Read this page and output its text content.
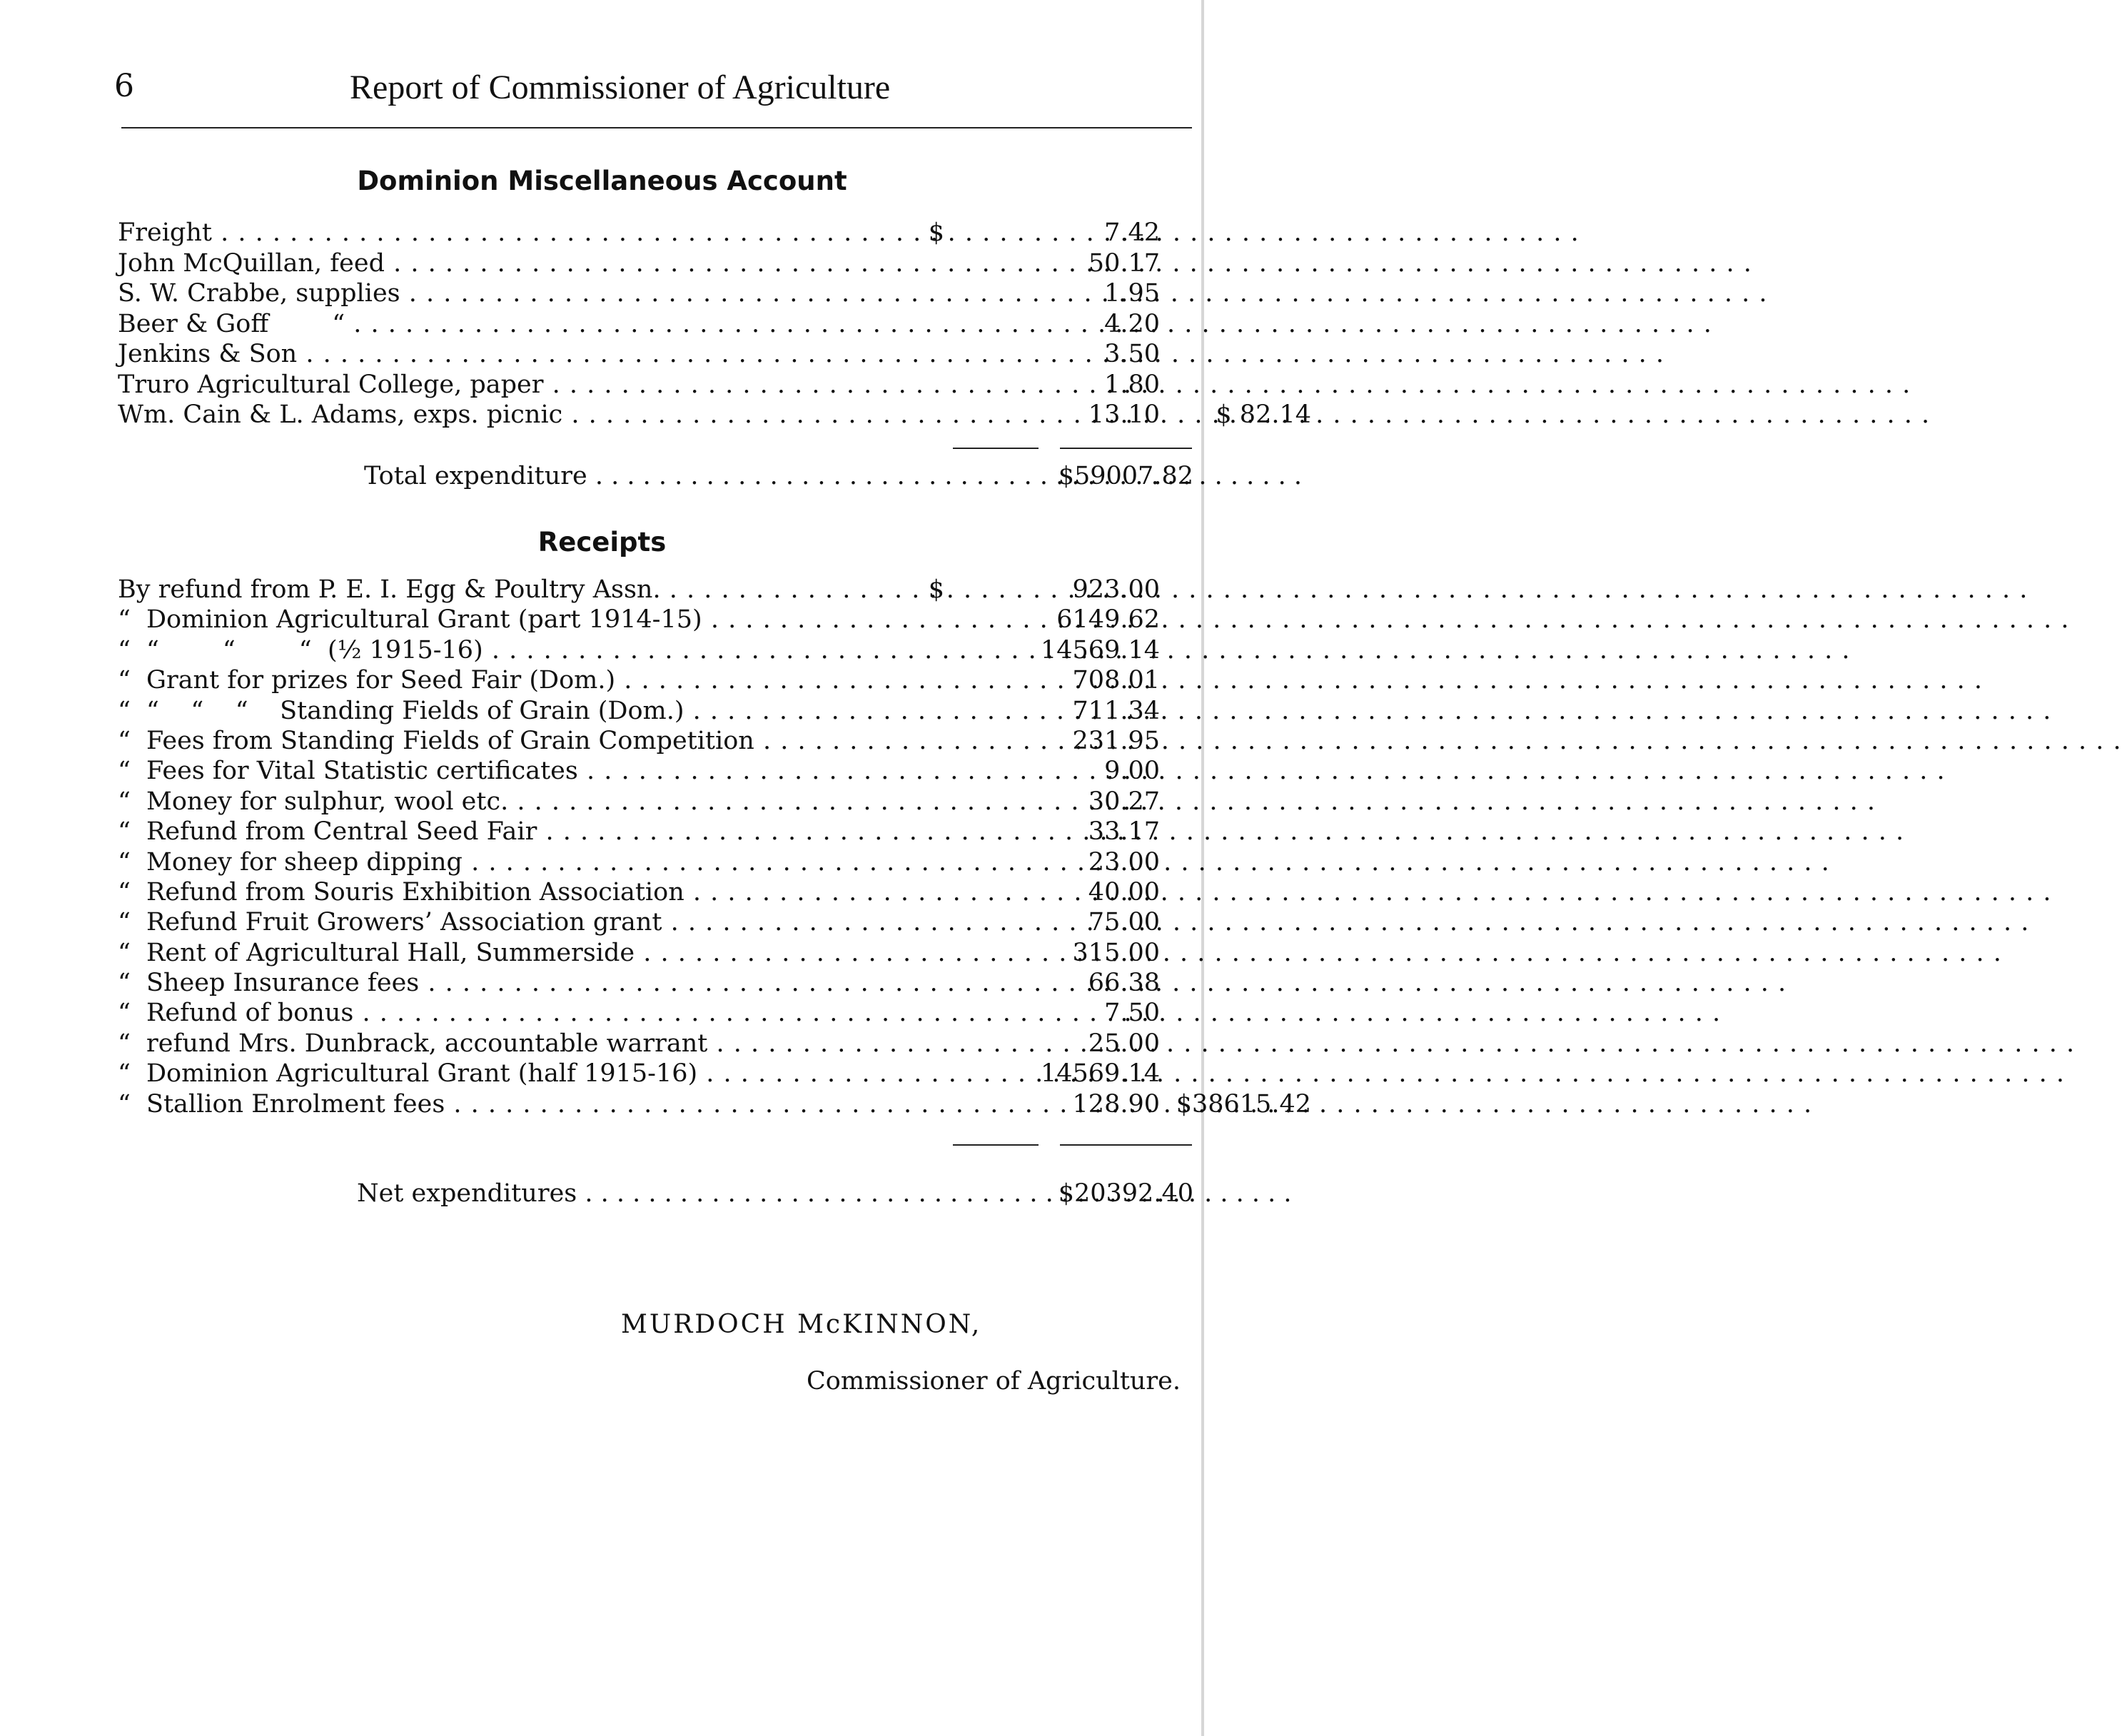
6	Report of Commissioner of Agriculture
Dominion Miscellaneous Account
Freight . . .	$	7.42
John McQuillan, feed . . .	50.17
S. W. Crabbe, supplies . . .	1.95
Beer & Goff	“ . . .	4.20
Jenkins & Son . . .	3.50
Truro Agricultural College, paper . . .	1.80
Wm. Cain & L. Adams, exps. picnic . . .	13.10	$ 82.14
Total expenditure . . .	$59007.82
Receipts
By refund from P. E. I. Egg & Poultry Assn. . . .	$	923.00
“ Dominion Agricultural Grant (part 1914-15) . . .	6149.62
“ “        “        “  (½ 1915-16) . . .	14569.14
“ Grant for prizes for Seed Fair (Dom.) . . .	708.01
“ “    “    “    Standing Fields of Grain (Dom.) . . .	711.34
“ Fees from Standing Fields of Grain Competition . . .	231.95
“ Fees for Vital Statistic certificates . . .	9.00
“ Money for sulphur, wool etc. . . .	30.27
“ Refund from Central Seed Fair . . .	33.17
“ Money for sheep dipping . . .	23.00
“ Refund from Souris Exhibition Association . . .	40.00
“ Refund Fruit Growers’ Association grant . . .	75.00
“ Rent of Agricultural Hall, Summerside . . .	315.00
“ Sheep Insurance fees . . .	66.38
“ Refund of bonus . . .	7.50
“ refund Mrs. Dunbrack, accountable warrant . . .	25.00
“ Dominion Agricultural Grant (half 1915-16) . . .	14569.14
“ Stallion Enrolment fees . . .	128.90 $38615.42
Net expenditures . . .	$20392.40
MURDOCH McKINNON,
Commissioner of Agriculture.
